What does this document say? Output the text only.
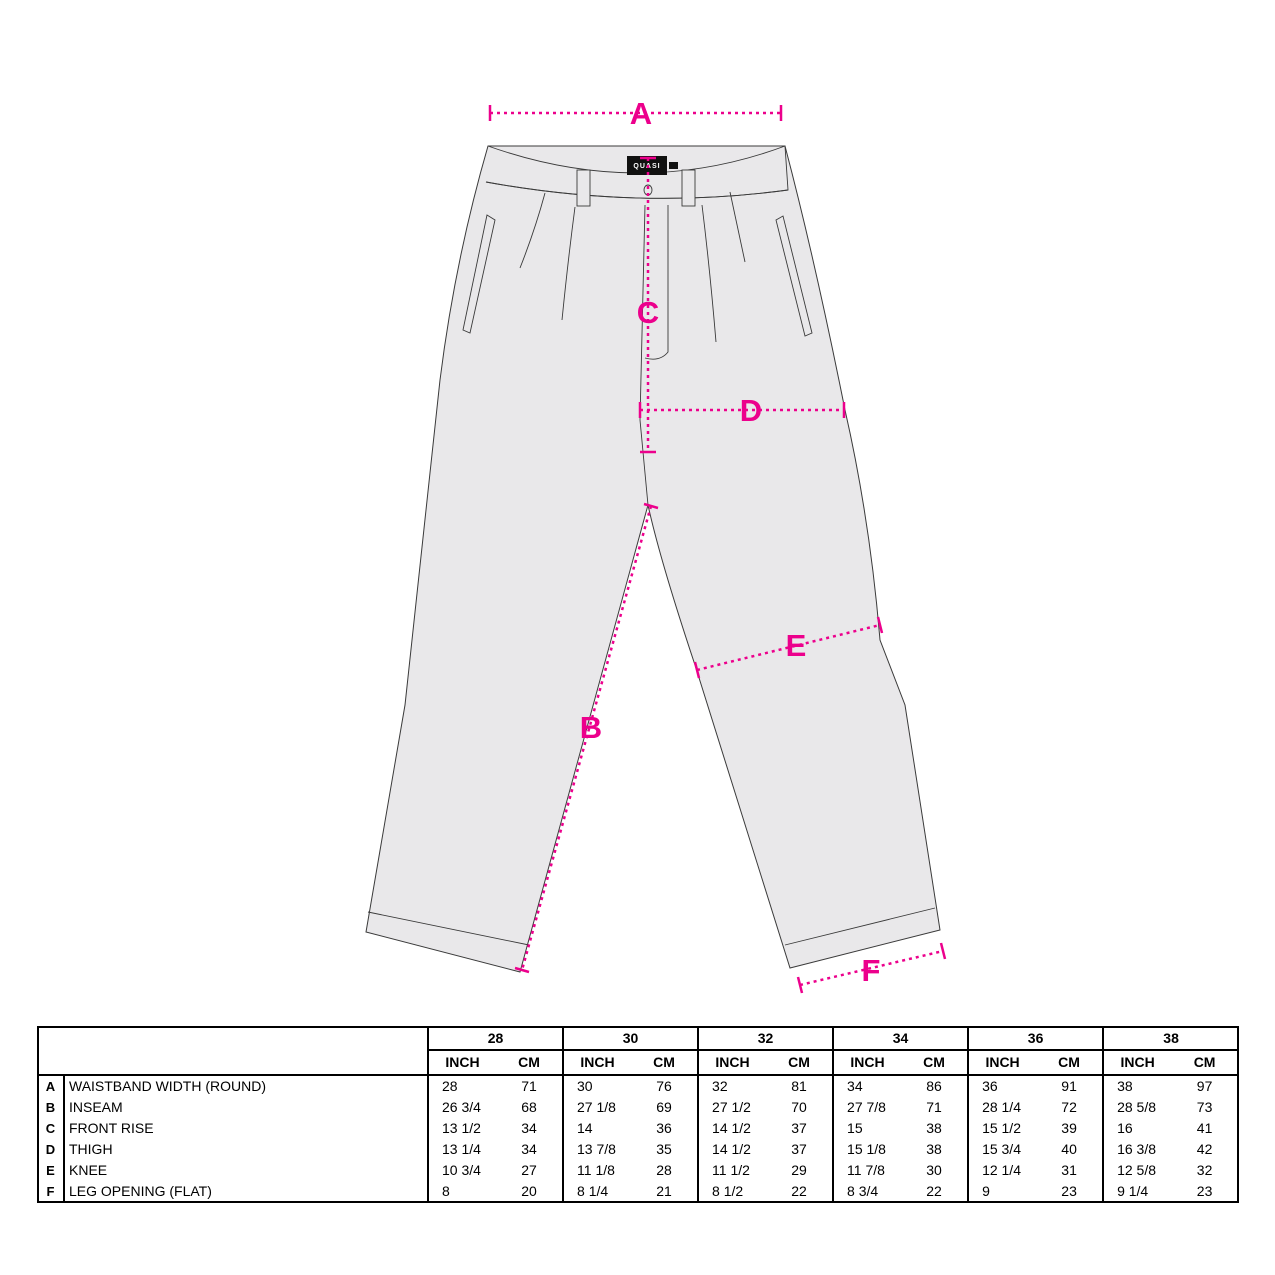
QUASI
A
C
D
E
B
F
		28		30		32		34		36		38	
		INCH	CM	INCH	CM	INCH	CM	INCH	CM	INCH	CM	INCH	CM
A	WAISTBAND WIDTH (ROUND)	28	71	30	76	32	81	34	86	36	91	38	97
B	INSEAM	26 3/4	68	27 1/8	69	27 1/2	70	27 7/8	71	28 1/4	72	28 5/8	73
C	FRONT RISE	13 1/2	34	14	36	14 1/2	37	15	38	15 1/2	39	16	41
D	THIGH	13 1/4	34	13 7/8	35	14 1/2	37	15 1/8	38	15 3/4	40	16 3/8	42
E	KNEE	10 3/4	27	11 1/8	28	11 1/2	29	11 7/8	30	12 1/4	31	12 5/8	32
F	LEG OPENING (FLAT)	8	20	8 1/4	21	8 1/2	22	8 3/4	22	9	23	9 1/4	23
